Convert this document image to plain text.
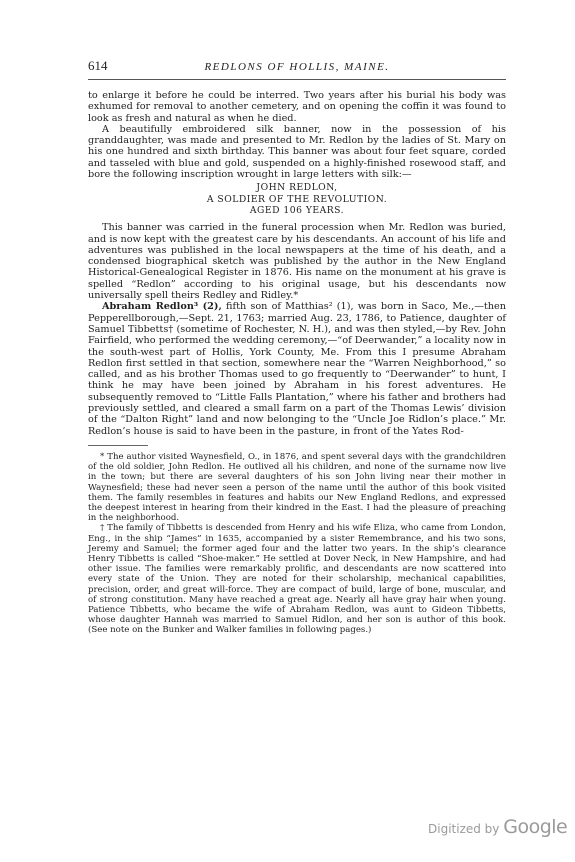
614	REDLONS OF HOLLIS, MAINE.

to enlarge it before he could be interred. Two years after his burial his body was exhumed for removal to another cemetery, and on opening the coffin it was found to look as fresh and natural as when he died.

A beautifully embroidered silk banner, now in the possession of his granddaughter, was made and presented to Mr. Redlon by the ladies of St. Mary on his one hundred and sixth birthday. This banner was about four feet square, corded and tasseled with blue and gold, suspended on a highly-finished rosewood staff, and bore the following inscription wrought in large letters with silk:—

JOHN REDLON,
A SOLDIER OF THE REVOLUTION.
AGED 106 YEARS.

This banner was carried in the funeral procession when Mr. Redlon was buried, and is now kept with the greatest care by his descendants. An account of his life and adventures was published in the local newspapers at the time of his death, and a condensed biographical sketch was published by the author in the New England Historical-Genealogical Register in 1876. His name on the monument at his grave is spelled “Redlon” according to his original usage, but his descendants now universally spell theirs Redley and Ridley.*

Abraham Redlon³ (2), fifth son of Matthias² (1), was born in Saco, Me.,—then Pepperellborough,—Sept. 21, 1763; married Aug. 23, 1786, to Patience, daughter of Samuel Tibbetts† (sometime of Rochester, N. H.), and was then styled,—by Rev. John Fairfield, who performed the wedding ceremony,—“of Deerwander,” a locality now in the south-west part of Hollis, York County, Me. From this I presume Abraham Redlon first settled in that section, somewhere near the “Warren Neighborhood,” so called, and as his brother Thomas used to go frequently to “Deerwander” to hunt, I think he may have been joined by Abraham in his forest adventures. He subsequently removed to “Little Falls Plantation,” where his father and brothers had previously settled, and cleared a small farm on a part of the Thomas Lewis’ division of the “Dalton Right” land and now belonging to the “Uncle Joe Ridlon’s place.” Mr. Redlon’s house is said to have been in the pasture, in front of the Yates Rod-

* The author visited Waynesfield, O., in 1876, and spent several days with the grandchildren of the old soldier, John Redlon. He outlived all his children, and none of the surname now live in the town; but there are several daughters of his son John living near their mother in Waynesfield; these had never seen a person of the name until the author of this book visited them. The family resembles in features and habits our New England Redlons, and expressed the deepest interest in hearing from their kindred in the East. I had the pleasure of preaching in the neighborhood.

† The family of Tibbetts is descended from Henry and his wife Eliza, who came from London, Eng., in the ship “James” in 1635, accompanied by a sister Remembrance, and his two sons, Jeremy and Samuel; the former aged four and the latter two years. In the ship’s clearance Henry Tibbetts is called “Shoe-maker.” He settled at Dover Neck, in New Hampshire, and had other issue. The families were remarkably prolific, and descendants are now scattered into every state of the Union. They are noted for their scholarship, mechanical capabilities, precision, order, and great will-force. They are compact of build, large of bone, muscular, and of strong constitution. Many have reached a great age. Nearly all have gray hair when young. Patience Tibbetts, who became the wife of Abraham Redlon, was aunt to Gideon Tibbetts, whose daughter Hannah was married to Samuel Ridlon, and her son is author of this book. (See note on the Bunker and Walker families in following pages.)

Digitized by Google
